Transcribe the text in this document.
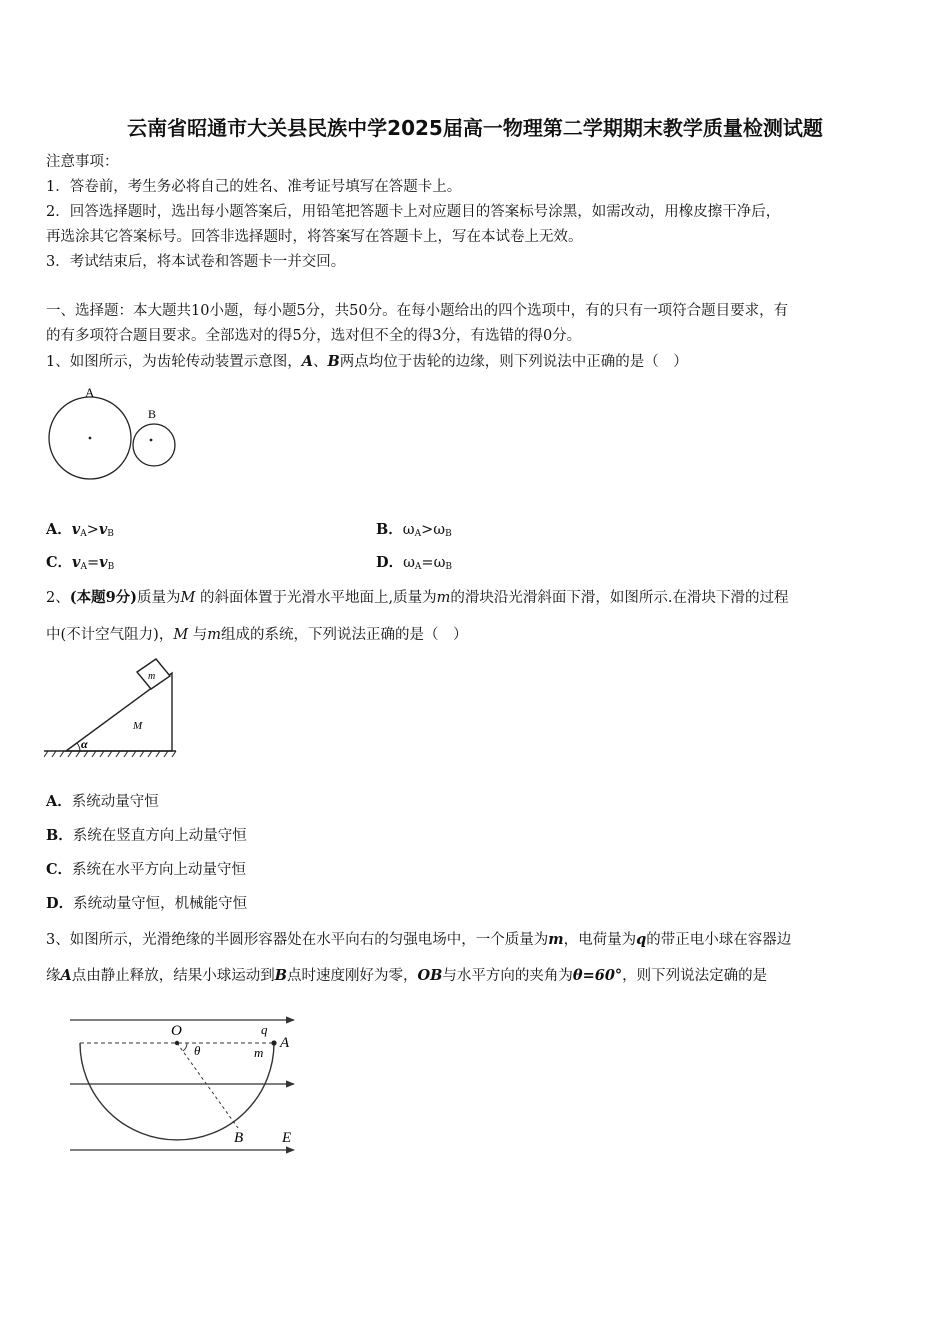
云南省昭通市大关县民族中学2025届高一物理第二学期期末教学质量检测试题
注意事项：
1．答卷前，考生务必将自己的姓名、准考证号填写在答题卡上。
2．回答选择题时，选出每小题答案后，用铅笔把答题卡上对应题目的答案标号涂黑，如需改动，用橡皮擦干净后，
再选涂其它答案标号。回答非选择题时，将答案写在答题卡上，写在本试卷上无效。
3．考试结束后，将本试卷和答题卡一并交回。
一、选择题：本大题共10小题，每小题5分，共50分。在每小题给出的四个选项中，有的只有一项符合题目要求，有
的有多项符合题目要求。全部选对的得5分，选对但不全的得3分，有选错的得0分。
1、如图所示，为齿轮传动装置示意图，A、B两点均位于齿轮的边缘，则下列说法中正确的是（　）
A
B
A．$v_A>v_B$	B．$\omega_A>\omega_B$
C．$v_A=v_B$	D．$\omega_A=\omega_B$
2、(本题9分)质量为M 的斜面体置于光滑水平地面上,质量为m的滑块沿光滑斜面下滑，如图所示.在滑块下滑的过程
中(不计空气阻力)，M 与m组成的系统，下列说法正确的是（　）
m
M
α
A．系统动量守恒
B．系统在竖直方向上动量守恒
C．系统在水平方向上动量守恒
D．系统动量守恒，机械能守恒
3、如图所示，光滑绝缘的半圆形容器处在水平向右的匀强电场中，一个质量为m，电荷量为q的带正电小球在容器边
缘A点由静止释放，结果小球运动到B点时速度刚好为零，OB与水平方向的夹角为θ=60°，则下列说法定确的是
O
θ
q
m
A
B	E
